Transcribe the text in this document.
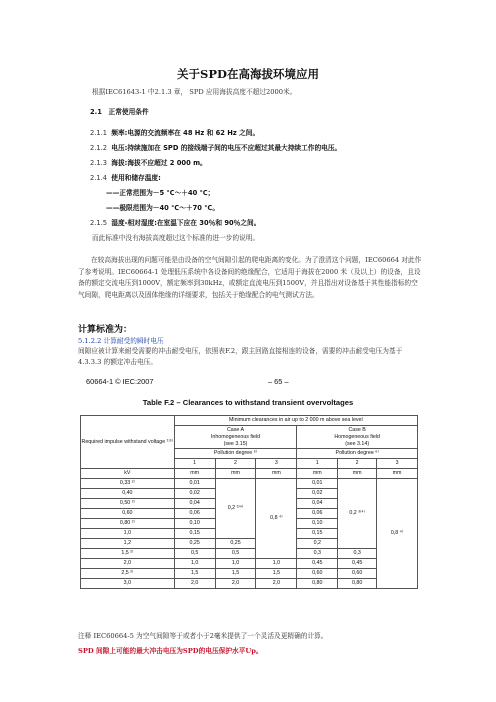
关于SPD在高海拔环境应用
根据IEC61643-1 中2.1.3 章， SPD 应用海拔高度不超过2000米。
2.1　正常使用条件
2.1.1 频率:电源的交流频率在 48 Hz 和 62 Hz 之间。
2.1.2 电压:持续施加在 SPD 的接线端子间的电压不应超过其最大持续工作的电压。
2.1.3 海拔:海拔不应超过 2 000 m。
2.1.4 使用和储存温度:
——正常范围为－5 ℃～＋40 ℃；
——极限范围为－40 ℃～＋70 ℃。
2.1.5 湿度-相对湿度:在室温下应在 30％和 90％之间。
而此标准中没有海拔高度超过这个标准的进一步的说明。
在较高海拔出现的问题可能是由设备的空气间隙引起的爬电距离的变化。为了澄清这个问题，IEC60664 对此作了参考说明。IEC60664-1 处理低压系统中各设备间的绝缘配合，它适用于海拔在2000 米（及以上）的设备，且设备的额定交流电压到1000V，额定频率到30kHz，或额定直流电压到1500V，并且指出对设备基于其性能指标的空气间隙，爬电距离以及固体绝缘的详细要求，包括关于绝缘配合的电气测试方法。
计算标准为：
5.1.2.2 计算耐受的瞬时电压
间隙应被计算来耐受需要的冲击耐受电压，依照表F.2，跟主回路直接相连的设备，需要的冲击耐受电压为基于4.3.3.3 的额定冲击电压。
60664-1 © IEC:2007	– 65 –
Table F.2 – Clearances to withstand transient overvoltages
Required impulse withstand voltage ¹⁾⁵⁾	Minimum clearances in air up to 2 000 m above sea level					
	Case A
Inhomogeneous field
(see 3.15)			Case B
Homogeneous field
(see 3.14)		
	Pollution degree ⁶⁾			Pollution degree ⁶⁾		
	1	2	3	1	2	3
kV	mm	mm	mm	mm	mm	mm
0,33 ²⁾	0,01	0,2 ³⁾⁴⁾	0,8 ⁴⁾	0,01	0,2 ³⁾⁴⁾	0,8 ⁴⁾
0,40	0,02			0,02		
0,50 ²⁾	0,04			0,04		
0,60	0,06			0,06		
0,80 ²⁾	0,10			0,10		
1,0	0,15			0,15		
1,2	0,25	0,25		0,2		
1,5 ²⁾	0,5	0,5		0,3	0,3	
2,0	1,0	1,0	1,0	0,45	0,45	
2,5 ²⁾	1,5	1,5	1,5	0,60	0,60	
3,0	2,0	2,0	2,0	0,80	0,80	
注释 IEC60664-5 为空气间隙等于或者小于2毫米提供了一个灵活及更精确的计算。
SPD 间隙上可能的最大冲击电压为SPD的电压保护水平Up。
